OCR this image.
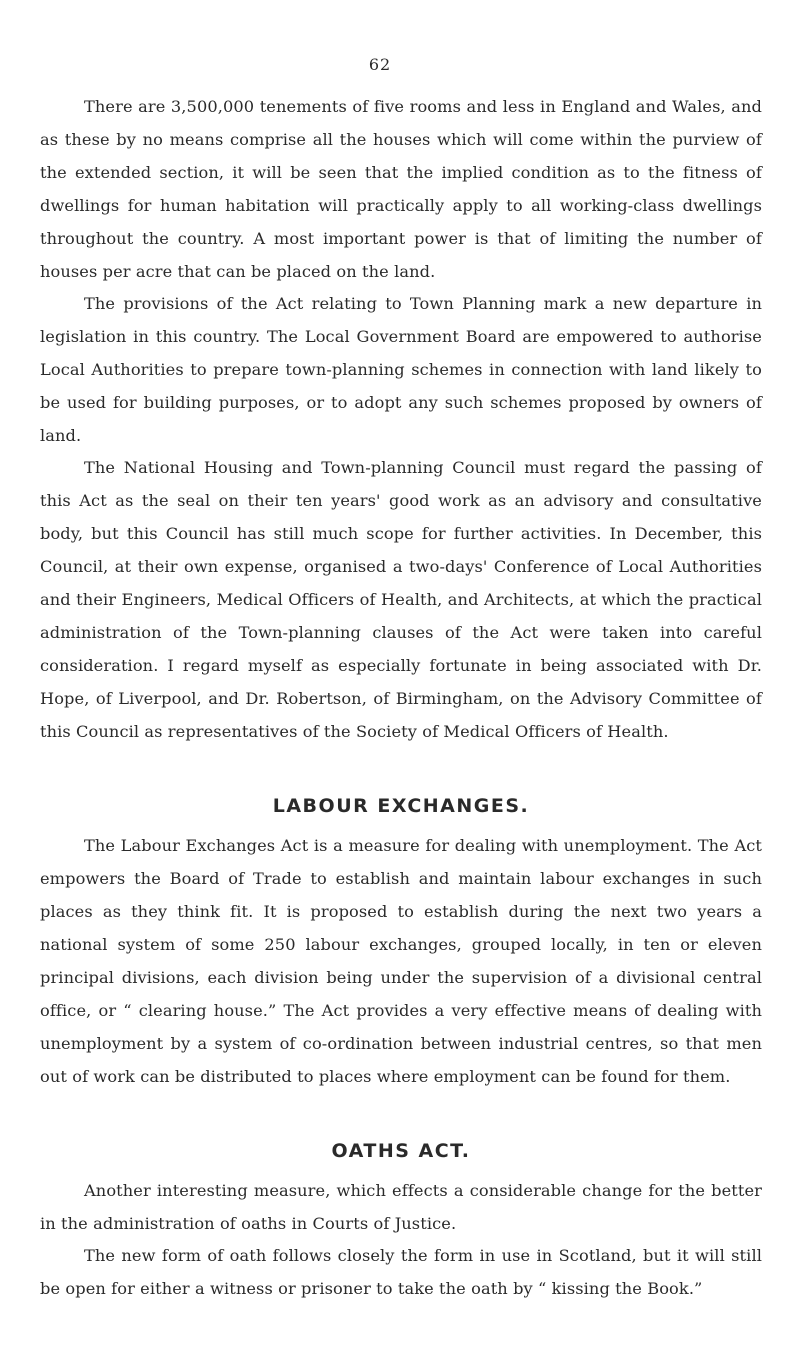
62

There are 3,500,000 tenements of five rooms and less in England and Wales, and as these by no means comprise all the houses which will come within the purview of the extended section, it will be seen that the implied condition as to the fitness of dwellings for human habitation will practically apply to all working-class dwellings throughout the country. A most important power is that of limiting the number of houses per acre that can be placed on the land.

The provisions of the Act relating to Town Planning mark a new departure in legislation in this country. The Local Government Board are empowered to authorise Local Authorities to prepare town-planning schemes in connection with land likely to be used for building purposes, or to adopt any such schemes proposed by owners of land.

The National Housing and Town-planning Council must regard the passing of this Act as the seal on their ten years' good work as an advisory and consultative body, but this Council has still much scope for further activities. In December, this Council, at their own expense, organised a two-days' Conference of Local Authorities and their Engineers, Medical Officers of Health, and Architects, at which the practical administration of the Town-planning clauses of the Act were taken into careful consideration. I regard myself as especially fortunate in being associated with Dr. Hope, of Liverpool, and Dr. Robertson, of Birmingham, on the Advisory Committee of this Council as representatives of the Society of Medical Officers of Health.

LABOUR EXCHANGES.

The Labour Exchanges Act is a measure for dealing with unemployment. The Act empowers the Board of Trade to establish and maintain labour exchanges in such places as they think fit. It is proposed to establish during the next two years a national system of some 250 labour exchanges, grouped locally, in ten or eleven principal divisions, each division being under the supervision of a divisional central office, or “ clearing house.” The Act provides a very effective means of dealing with unemployment by a system of co-ordination between industrial centres, so that men out of work can be distributed to places where employment can be found for them.

OATHS ACT.

Another interesting measure, which effects a considerable change for the better in the administration of oaths in Courts of Justice.

The new form of oath follows closely the form in use in Scotland, but it will still be open for either a witness or prisoner to take the oath by “ kissing the Book.”
